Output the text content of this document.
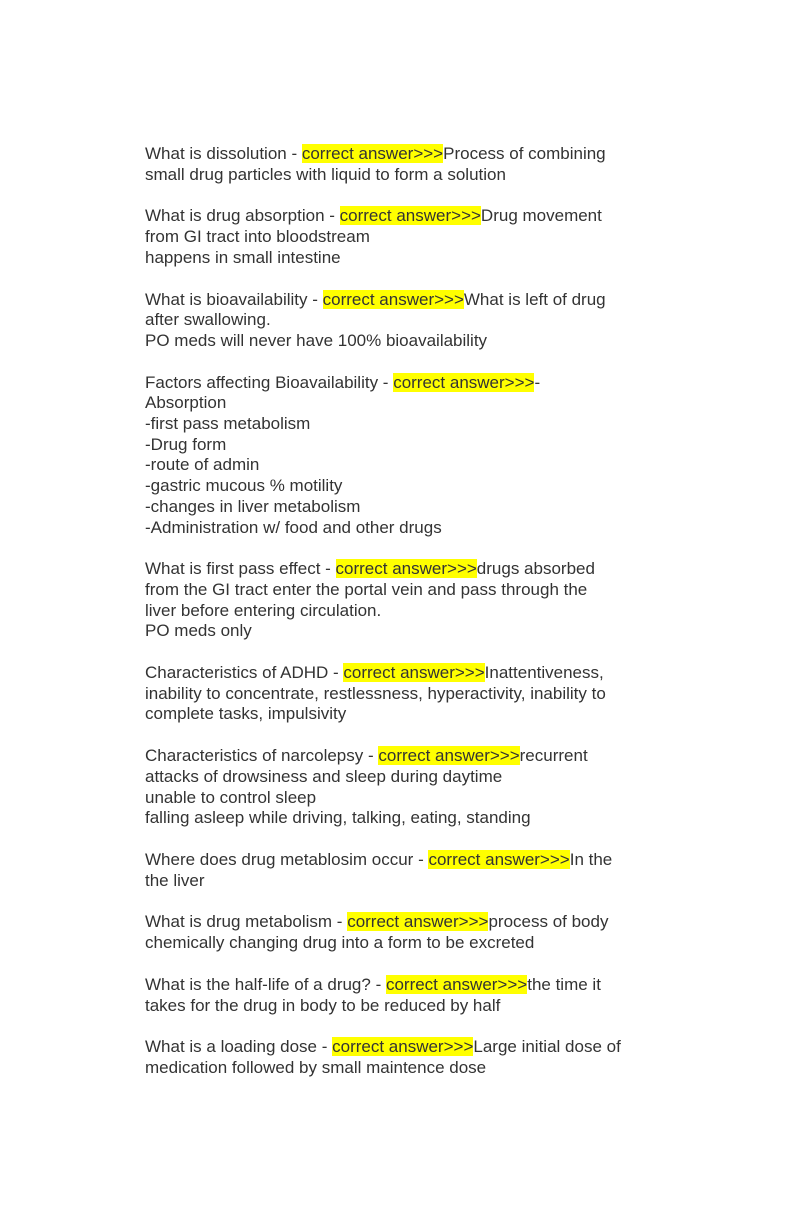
What is dissolution - correct answer>>>Process of combining
small drug particles with liquid to form a solution
What is drug absorption - correct answer>>>Drug movement
from GI tract into bloodstream
happens in small intestine
What is bioavailability - correct answer>>>What is left of drug
after swallowing.
PO meds will never have 100% bioavailability
Factors affecting Bioavailability - correct answer>>>-
Absorption
-first pass metabolism
-Drug form
-route of admin
-gastric mucous % motility
-changes in liver metabolism
-Administration w/ food and other drugs
What is first pass effect - correct answer>>>drugs absorbed
from the GI tract enter the portal vein and pass through the
liver before entering circulation.
PO meds only
Characteristics of ADHD - correct answer>>>Inattentiveness,
inability to concentrate, restlessness, hyperactivity, inability to
complete tasks, impulsivity
Characteristics of narcolepsy - correct answer>>>recurrent
attacks of drowsiness and sleep during daytime
unable to control sleep
falling asleep while driving, talking, eating, standing
Where does drug metablosim occur - correct answer>>>In the
the liver
What is drug metabolism - correct answer>>>process of body
chemically changing drug into a form to be excreted
What is the half-life of a drug? - correct answer>>>the time it
takes for the drug in body to be reduced by half
What is a loading dose - correct answer>>>Large initial dose of
medication followed by small maintence dose
